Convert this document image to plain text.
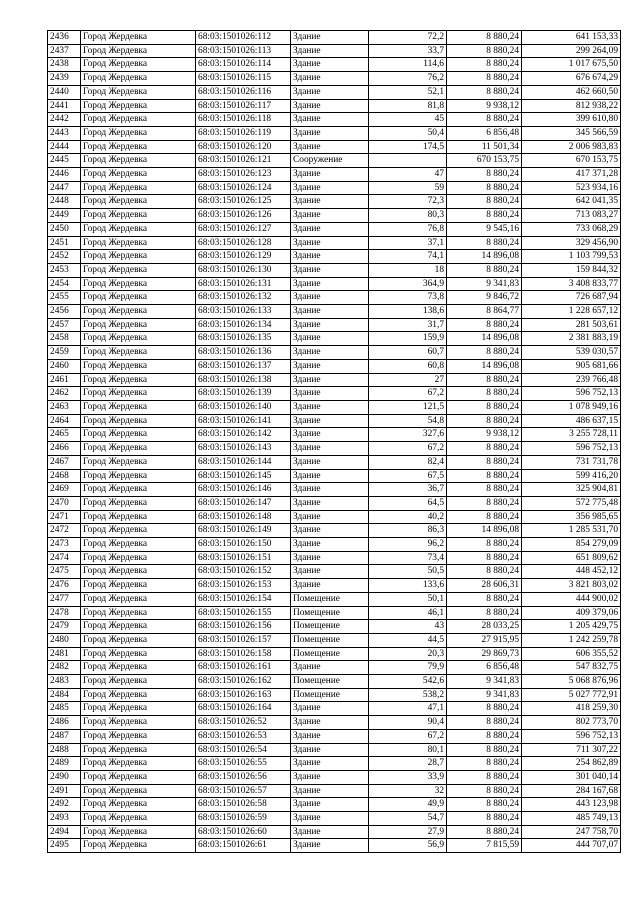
2436	Город Жердевка	68:03:1501026:112	Здание	72,2	8 880,24	641 153,33
2437	Город Жердевка	68:03:1501026:113	Здание	33,7	8 880,24	299 264,09
2438	Город Жердевка	68:03:1501026:114	Здание	114,6	8 880,24	1 017 675,50
2439	Город Жердевка	68:03:1501026:115	Здание	76,2	8 880,24	676 674,29
2440	Город Жердевка	68:03:1501026:116	Здание	52,1	8 880,24	462 660,50
2441	Город Жердевка	68:03:1501026:117	Здание	81,8	9 938,12	812 938,22
2442	Город Жердевка	68:03:1501026:118	Здание	45	8 880,24	399 610,80
2443	Город Жердевка	68:03:1501026:119	Здание	50,4	6 856,48	345 566,59
2444	Город Жердевка	68:03:1501026:120	Здание	174,5	11 501,34	2 006 983,83
2445	Город Жердевка	68:03:1501026:121	Сооружение		670 153,75	670 153,75
2446	Город Жердевка	68:03:1501026:123	Здание	47	8 880,24	417 371,28
2447	Город Жердевка	68:03:1501026:124	Здание	59	8 880,24	523 934,16
2448	Город Жердевка	68:03:1501026:125	Здание	72,3	8 880,24	642 041,35
2449	Город Жердевка	68:03:1501026:126	Здание	80,3	8 880,24	713 083,27
2450	Город Жердевка	68:03:1501026:127	Здание	76,8	9 545,16	733 068,29
2451	Город Жердевка	68:03:1501026:128	Здание	37,1	8 880,24	329 456,90
2452	Город Жердевка	68:03:1501026:129	Здание	74,1	14 896,08	1 103 799,53
2453	Город Жердевка	68:03:1501026:130	Здание	18	8 880,24	159 844,32
2454	Город Жердевка	68:03:1501026:131	Здание	364,9	9 341,83	3 408 833,77
2455	Город Жердевка	68:03:1501026:132	Здание	73,8	9 846,72	726 687,94
2456	Город Жердевка	68:03:1501026:133	Здание	138,6	8 864,77	1 228 657,12
2457	Город Жердевка	68:03:1501026:134	Здание	31,7	8 880,24	281 503,61
2458	Город Жердевка	68:03:1501026:135	Здание	159,9	14 896,08	2 381 883,19
2459	Город Жердевка	68:03:1501026:136	Здание	60,7	8 880,24	539 030,57
2460	Город Жердевка	68:03:1501026:137	Здание	60,8	14 896,08	905 681,66
2461	Город Жердевка	68:03:1501026:138	Здание	27	8 880,24	239 766,48
2462	Город Жердевка	68:03:1501026:139	Здание	67,2	8 880,24	596 752,13
2463	Город Жердевка	68:03:1501026:140	Здание	121,5	8 880,24	1 078 949,16
2464	Город Жердевка	68:03:1501026:141	Здание	54,8	8 880,24	486 637,15
2465	Город Жердевка	68:03:1501026:142	Здание	327,6	9 938,12	3 255 728,11
2466	Город Жердевка	68:03:1501026:143	Здание	67,2	8 880,24	596 752,13
2467	Город Жердевка	68:03:1501026:144	Здание	82,4	8 880,24	731 731,78
2468	Город Жердевка	68:03:1501026:145	Здание	67,5	8 880,24	599 416,20
2469	Город Жердевка	68:03:1501026:146	Здание	36,7	8 880,24	325 904,81
2470	Город Жердевка	68:03:1501026:147	Здание	64,5	8 880,24	572 775,48
2471	Город Жердевка	68:03:1501026:148	Здание	40,2	8 880,24	356 985,65
2472	Город Жердевка	68:03:1501026:149	Здание	86,3	14 896,08	1 285 531,70
2473	Город Жердевка	68:03:1501026:150	Здание	96,2	8 880,24	854 279,09
2474	Город Жердевка	68:03:1501026:151	Здание	73,4	8 880,24	651 809,62
2475	Город Жердевка	68:03:1501026:152	Здание	50,5	8 880,24	448 452,12
2476	Город Жердевка	68:03:1501026:153	Здание	133,6	28 606,31	3 821 803,02
2477	Город Жердевка	68:03:1501026:154	Помещение	50,1	8 880,24	444 900,02
2478	Город Жердевка	68:03:1501026:155	Помещение	46,1	8 880,24	409 379,06
2479	Город Жердевка	68:03:1501026:156	Помещение	43	28 033,25	1 205 429,75
2480	Город Жердевка	68:03:1501026:157	Помещение	44,5	27 915,95	1 242 259,78
2481	Город Жердевка	68:03:1501026:158	Помещение	20,3	29 869,73	606 355,52
2482	Город Жердевка	68:03:1501026:161	Здание	79,9	6 856,48	547 832,75
2483	Город Жердевка	68:03:1501026:162	Помещение	542,6	9 341,83	5 068 876,96
2484	Город Жердевка	68:03:1501026:163	Помещение	538,2	9 341,83	5 027 772,91
2485	Город Жердевка	68:03:1501026:164	Здание	47,1	8 880,24	418 259,30
2486	Город Жердевка	68:03:1501026:52	Здание	90,4	8 880,24	802 773,70
2487	Город Жердевка	68:03:1501026:53	Здание	67,2	8 880,24	596 752,13
2488	Город Жердевка	68:03:1501026:54	Здание	80,1	8 880,24	711 307,22
2489	Город Жердевка	68:03:1501026:55	Здание	28,7	8 880,24	254 862,89
2490	Город Жердевка	68:03:1501026:56	Здание	33,9	8 880,24	301 040,14
2491	Город Жердевка	68:03:1501026:57	Здание	32	8 880,24	284 167,68
2492	Город Жердевка	68:03:1501026:58	Здание	49,9	8 880,24	443 123,98
2493	Город Жердевка	68:03:1501026:59	Здание	54,7	8 880,24	485 749,13
2494	Город Жердевка	68:03:1501026:60	Здание	27,9	8 880,24	247 758,70
2495	Город Жердевка	68:03:1501026:61	Здание	56,9	7 815,59	444 707,07
